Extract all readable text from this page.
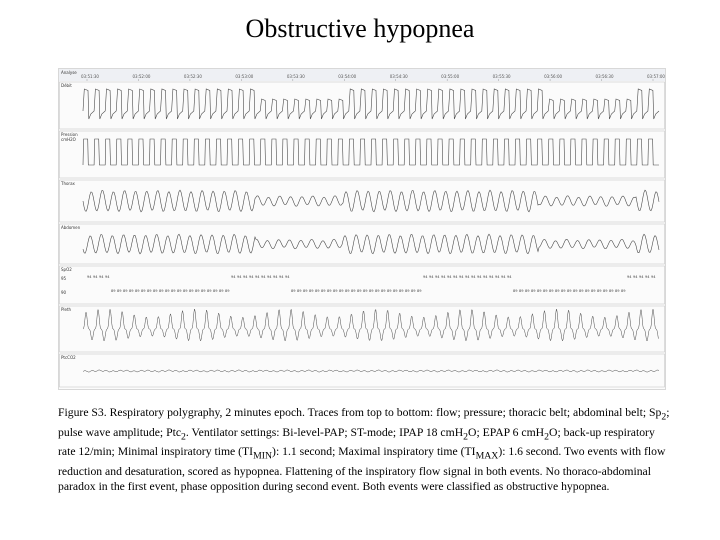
Obstructive hypopnea
Analyse
03:51:30	03:52:00	03:52:30	03:53:00	03:53:30	03:54:00	03:54:30	03:55:00	03:55:30	03:56:00	03:56:30	03:57:00
Débit
Pression
cmH2O
Thorax
Abdomen
SpO2
95
90
Pleth
PtcCO2
94 94 94 94
89 89 89 89 89 89 89 89 89 89 89 89 89 89 89 89 89 89 89 89
94 94 94 94 94 94 94 94 94 94
89 89 89 89 89 89 89 89 89 89 89 89 89 89 89 89 89 89 89 89 89 89
94 94 94 94 94 94 94 94 94 94 94 94 94 94 94
89 89 89 89 89 89 89 89 89 89 89 89 89 89 89 89 89 89 89
94 94 94 94 94
Figure S3. Respiratory polygraphy, 2 minutes epoch. Traces from top to bottom: flow; pressure; thoracic belt; abdominal belt; $Sp_2$; pulse wave amplitude; Ptc$_2$. Ventilator settings: Bi-level-PAP; ST-mode; IPAP 18 cmH$_2$O; EPAP 6 cmH$_2$O; back-up respiratory rate 12/min; Minimal inspiratory time $(TI_{MIN})$: 1.1 second; Maximal inspiratory time $(TI_{MAX})$: 1.6 second. Two events with flow reduction and desaturation, scored as hypopnea. Flattening of the inspiratory flow signal in both events. No thoraco-abdominal paradox in the first event, phase opposition during second event. Both events were classified as obstructive hypopnea.
